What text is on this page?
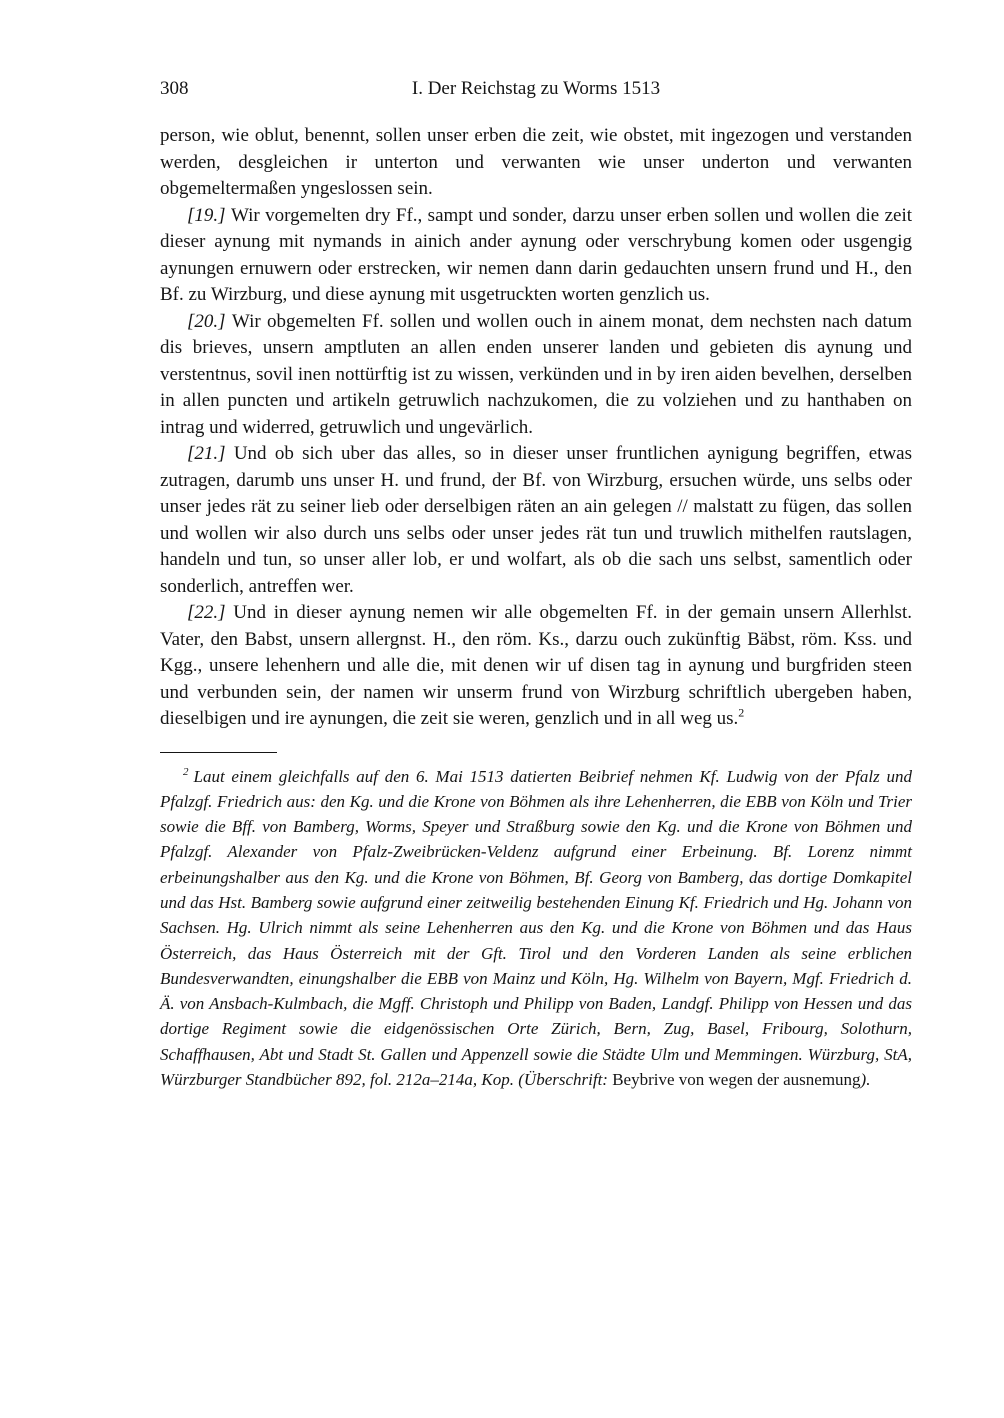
308	I. Der Reichstag zu Worms 1513

person, wie oblut, benennt, sollen unser erben die zeit, wie obstet, mit ingezogen und verstanden werden, desgleichen ir unterton und verwanten wie unser underton und verwanten obgemeltermaßen yngeslossen sein.

[19.] Wir vorgemelten dry Ff., sampt und sonder, darzu unser erben sollen und wollen die zeit dieser aynung mit nymands in ainich ander aynung oder verschrybung komen oder usgengig aynungen ernuwern oder erstrecken, wir nemen dann darin gedauchten unsern frund und H., den Bf. zu Wirzburg, und diese aynung mit usgetruckten worten genzlich us.

[20.] Wir obgemelten Ff. sollen und wollen ouch in ainem monat, dem nechsten nach datum dis brieves, unsern amptluten an allen enden unserer landen und gebieten dis aynung und verstentnus, sovil inen nottürftig ist zu wissen, verkünden und in by iren aiden bevelhen, derselben in allen puncten und artikeln getruwlich nachzukomen, die zu volziehen und zu hanthaben on intrag und widerred, getruwlich und ungevärlich.

[21.] Und ob sich uber das alles, so in dieser unser fruntlichen aynigung begriffen, etwas zutragen, darumb uns unser H. und frund, der Bf. von Wirzburg, ersuchen würde, uns selbs oder unser jedes rät zu seiner lieb oder derselbigen räten an ain gelegen // malstatt zu fügen, das sollen und wollen wir also durch uns selbs oder unser jedes rät tun und truwlich mithelfen rautslagen, handeln und tun, so unser aller lob, er und wolfart, als ob die sach uns selbst, samentlich oder sonderlich, antreffen wer.

[22.] Und in dieser aynung nemen wir alle obgemelten Ff. in der gemain unsern Allerhlst. Vater, den Babst, unsern allergnst. H., den röm. Ks., darzu ouch zukünftig Bäbst, röm. Kss. und Kgg., unsere lehenhern und alle die, mit denen wir uf disen tag in aynung und burgfriden steen und verbunden sein, der namen wir unserm frund von Wirzburg schriftlich ubergeben haben, dieselbigen und ire aynungen, die zeit sie weren, genzlich und in all weg us.$^2$

$^2$ Laut einem gleichfalls auf den 6. Mai 1513 datierten Beibrief nehmen Kf. Ludwig von der Pfalz und Pfalzgf. Friedrich aus: den Kg. und die Krone von Böhmen als ihre Lehenherren, die EBB von Köln und Trier sowie die Bff. von Bamberg, Worms, Speyer und Straßburg sowie den Kg. und die Krone von Böhmen und Pfalzgf. Alexander von Pfalz-Zweibrücken-Veldenz aufgrund einer Erbeinung. Bf. Lorenz nimmt erbeinungshalber aus den Kg. und die Krone von Böhmen, Bf. Georg von Bamberg, das dortige Domkapitel und das Hst. Bamberg sowie aufgrund einer zeitweilig bestehenden Einung Kf. Friedrich und Hg. Johann von Sachsen. Hg. Ulrich nimmt als seine Lehenherren aus den Kg. und die Krone von Böhmen und das Haus Österreich, das Haus Österreich mit der Gft. Tirol und den Vorderen Landen als seine erblichen Bundesverwandten, einungshalber die EBB von Mainz und Köln, Hg. Wilhelm von Bayern, Mgf. Friedrich d. Ä. von Ansbach-Kulmbach, die Mgff. Christoph und Philipp von Baden, Landgf. Philipp von Hessen und das dortige Regiment sowie die eidgenössischen Orte Zürich, Bern, Zug, Basel, Fribourg, Solothurn, Schaffhausen, Abt und Stadt St. Gallen und Appenzell sowie die Städte Ulm und Memmingen. Würzburg, StA, Würzburger Standbücher 892, fol. 212a–214a, Kop. (Überschrift: Beybrive von wegen der ausnemung).
